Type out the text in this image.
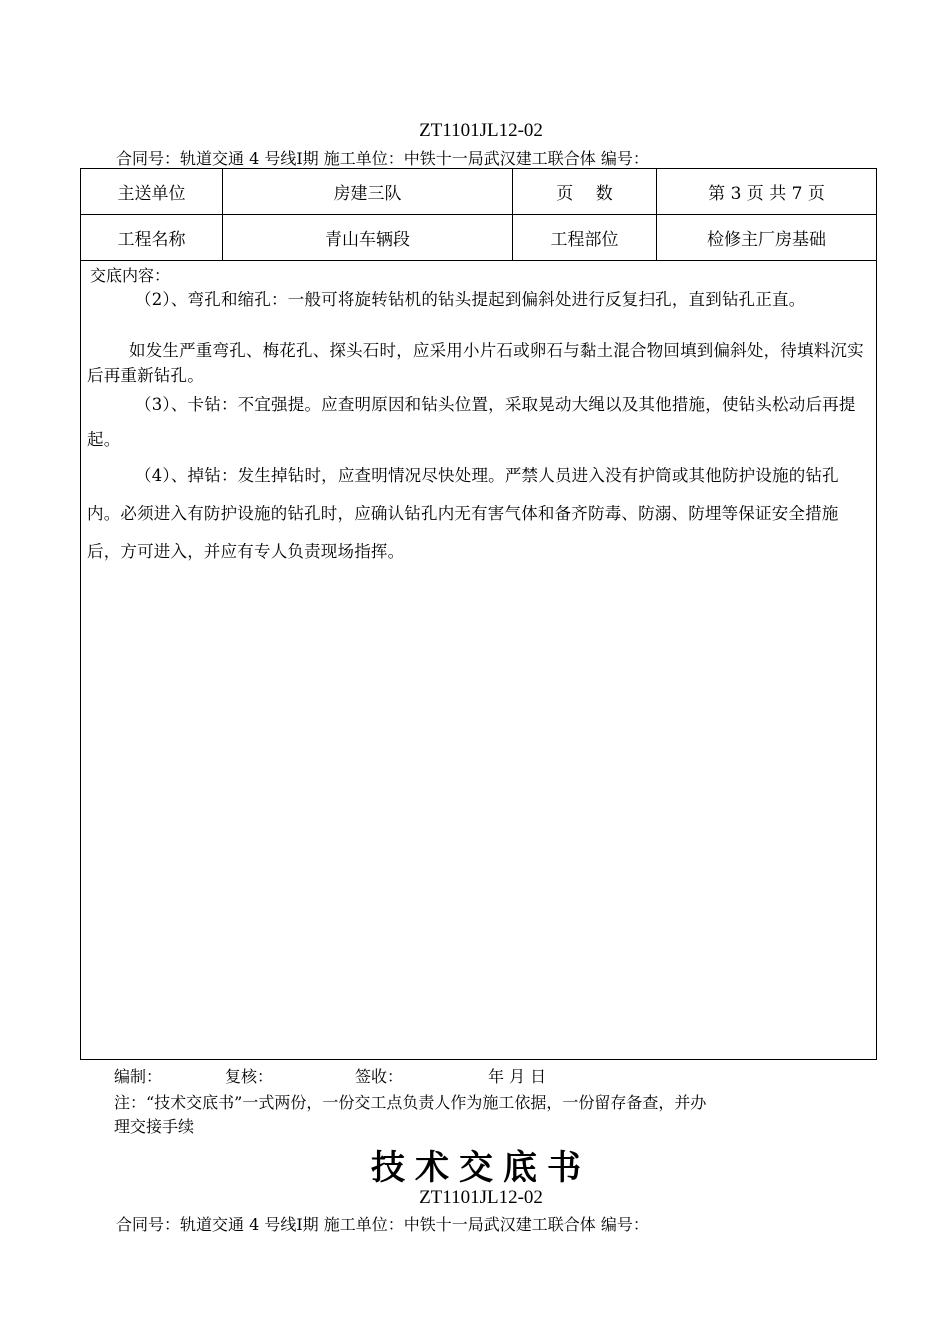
ZT1101JL12-02
合同号：轨道交通 4 号线Ⅰ期 施工单位：中铁十一局武汉建工联合体 编号：
主送单位	房建三队	页　 数	第 3 页 共 7 页
工程名称	青山车辆段	工程部位	检修主厂房基础
交底内容：

（2）、弯孔和缩孔：一般可将旋转钻机的钻头提起到偏斜处进行反复扫孔，直到钻孔正直。

如发生严重弯孔、梅花孔、探头石时，应采用小片石或卵石与黏土混合物回填到偏斜处，待填料沉实后再重新钻孔。

（3）、卡钻：不宜强提。应查明原因和钻头位置，采取晃动大绳以及其他措施，使钻头松动后再提起。

（4）、掉钻：发生掉钻时，应查明情况尽快处理。严禁人员进入没有护筒或其他防护设施的钻孔内。必须进入有防护设施的钻孔时，应确认钻孔内无有害气体和备齐防毒、防溺、防埋等保证安全措施后，方可进入，并应有专人负责现场指挥。

编制：	复核：	签收：	年 月 日
注：“技术交底书”一式两份，一份交工点负责人作为施工依据，一份留存备查，并办
理交接手续
技术交底书
ZT1101JL12-02
合同号：轨道交通 4 号线Ⅰ期 施工单位：中铁十一局武汉建工联合体 编号：
